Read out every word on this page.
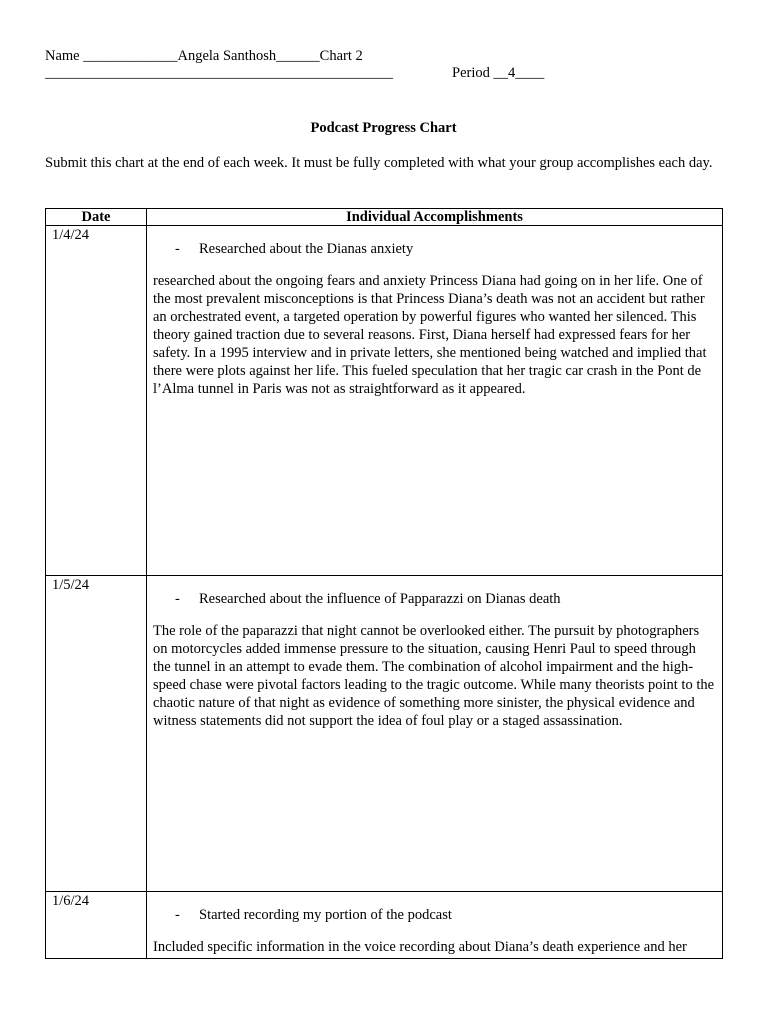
Name _____________Angela Santhosh______Chart 2
________________________________________________	Period __4____
Podcast Progress Chart
Submit this chart at the end of each week. It must be fully completed with what your group accomplishes each day.
Date	Individual Accomplishments
1/4/24	- Researched about the Dianas anxiety

researched about the ongoing fears and anxiety Princess Diana had going on in her life. One of the most prevalent misconceptions is that Princess Diana’s death was not an accident but rather an orchestrated event, a targeted operation by powerful figures who wanted her silenced. This theory gained traction due to several reasons. First, Diana herself had expressed fears for her safety. In a 1995 interview and in private letters, she mentioned being watched and implied that there were plots against her life. This fueled speculation that her tragic car crash in the Pont de l’Alma tunnel in Paris was not as straightforward as it appeared.

1/5/24	- Researched about the influence of Papparazzi on Dianas death

The role of the paparazzi that night cannot be overlooked either. The pursuit by photographers on motorcycles added immense pressure to the situation, causing Henri Paul to speed through the tunnel in an attempt to evade them. The combination of alcohol impairment and the high-speed chase were pivotal factors leading to the tragic outcome. While many theorists point to the chaotic nature of that night as evidence of something more sinister, the physical evidence and witness statements did not support the idea of foul play or a staged assassination.

1/6/24	- Started recording my portion of the podcast

Included specific information in the voice recording about Diana’s death experience and her
